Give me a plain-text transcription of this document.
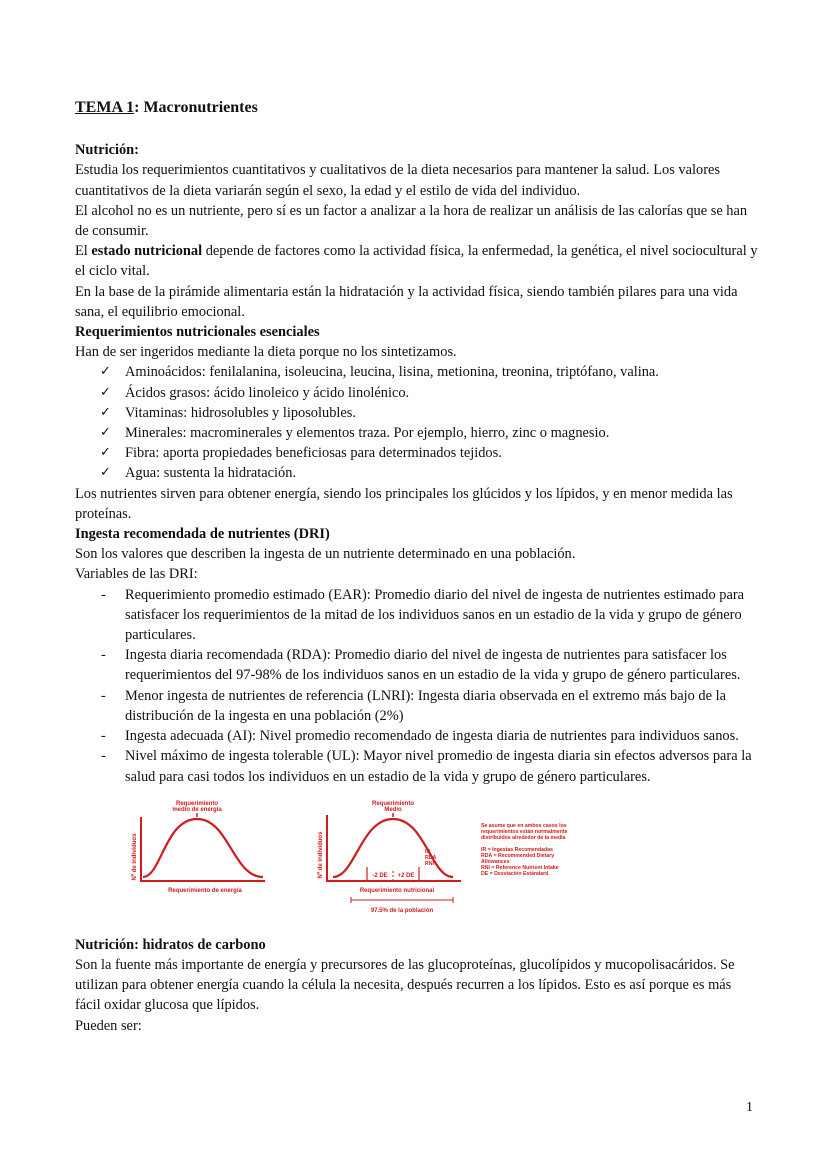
TEMA 1: Macronutrientes
Nutrición:

Estudia los requerimientos cuantitativos y cualitativos de la dieta necesarios para mantener la salud. Los valores cuantitativos de la dieta variarán según el sexo, la edad y el estilo de vida del individuo.

El alcohol no es un nutriente, pero sí es un factor a analizar a la hora de realizar un análisis de las calorías que se han de consumir.

El estado nutricional depende de factores como la actividad física, la enfermedad, la genética, el nivel sociocultural y el ciclo vital.

En la base de la pirámide alimentaria están la hidratación y la actividad física, siendo también pilares para una vida sana, el equilibrio emocional.

Requerimientos nutricionales esenciales

Han de ser ingeridos mediante la dieta porque no los sintetizamos.

✓ Aminoácidos: fenilalanina, isoleucina, leucina, lisina, metionina, treonina, triptófano, valina.
✓ Ácidos grasos: ácido linoleico y ácido linolénico.
✓ Vitaminas: hidrosolubles y liposolubles.
✓ Minerales: macrominerales y elementos traza. Por ejemplo, hierro, zinc o magnesio.
✓ Fibra: aporta propiedades beneficiosas para determinados tejidos.
✓ Agua: sustenta la hidratación.

Los nutrientes sirven para obtener energía, siendo los principales los glúcidos y los lípidos, y en menor medida las proteínas.

Ingesta recomendada de nutrientes (DRI)

Son los valores que describen la ingesta de un nutriente determinado en una población.

Variables de las DRI:

- Requerimiento promedio estimado (EAR): Promedio diario del nivel de ingesta de nutrientes estimado para satisfacer los requerimientos de la mitad de los individuos sanos en un estadio de la vida y grupo de género particulares.
- Ingesta diaria recomendada (RDA): Promedio diario del nivel de ingesta de nutrientes para satisfacer los requerimientos del 97-98% de los individuos sanos en un estadio de la vida y grupo de género particulares.
- Menor ingesta de nutrientes de referencia (LNRI): Ingesta diaria observada en el extremo más bajo de la distribución de la ingesta en una población (2%)
- Ingesta adecuada (AI): Nivel promedio recomendado de ingesta diaria de nutrientes para individuos sanos.
- Nivel máximo de ingesta tolerable (UL): Mayor nivel promedio de ingesta diaria sin efectos adversos para la salud para casi todos los individuos en un estadio de la vida y grupo de género particulares.
Requerimiento
medio de energía
Nº de individuos
Requerimiento de energía
Requerimiento
Medio
Nº de individuos	-2 DE +2 DE
IR
RDA
RNI
Requerimiento nutricional
97.5% de la población
Se asume que en ambos casos los
requerimientos están normalmente
distribuidos alrededor de la media
IR = Ingestas Recomendadas
RDA = Recommended Dietary
Allowances
RNI = Reference Nutrient Intake
DE = Desviación Estándard
Nutrición: hidratos de carbono

Son la fuente más importante de energía y precursores de las glucoproteínas, glucolípidos y mucopolisacáridos. Se utilizan para obtener energía cuando la célula la necesita, después recurren a los lípidos. Esto es así porque es más fácil oxidar glucosa que lípidos.

Pueden ser:

1
